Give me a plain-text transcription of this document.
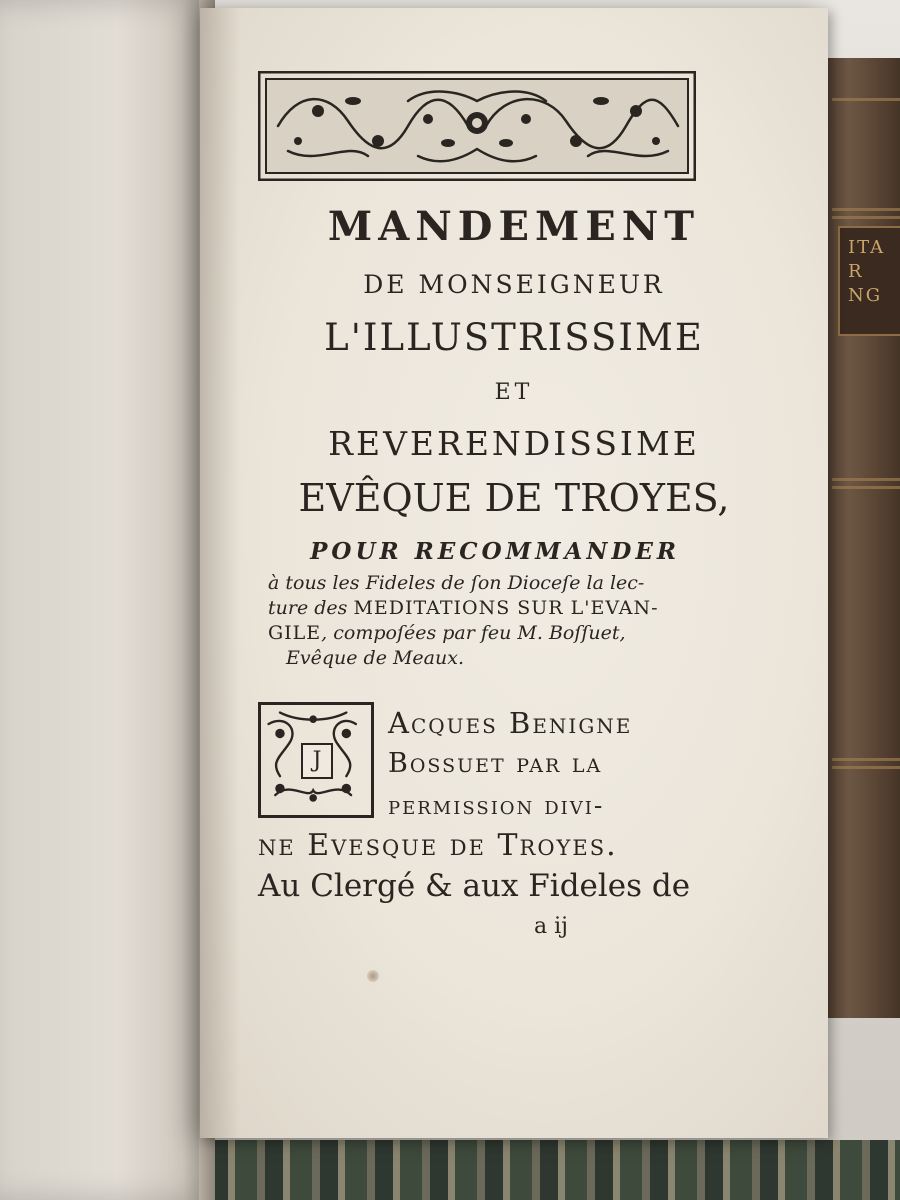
ITA
R
NG
MANDEMENT
DE MONSEIGNEUR
L'ILLUSTRISSIME
ET
REVERENDISSIME
EVÊQUE DE TROYES,
POUR RECOMMANDER
à tous les Fideles de ſon Dioceſe la lec-
ture des MEDITATIONS SUR L'EVAN-
GILE, compoſées par feu M. Boſſuet,
Evêque de Meaux.
J
Acques Benigne
Bossuet par la
permission divi-
ne Evesque de Troyes.
Au Clergé & aux Fideles de
a ij
